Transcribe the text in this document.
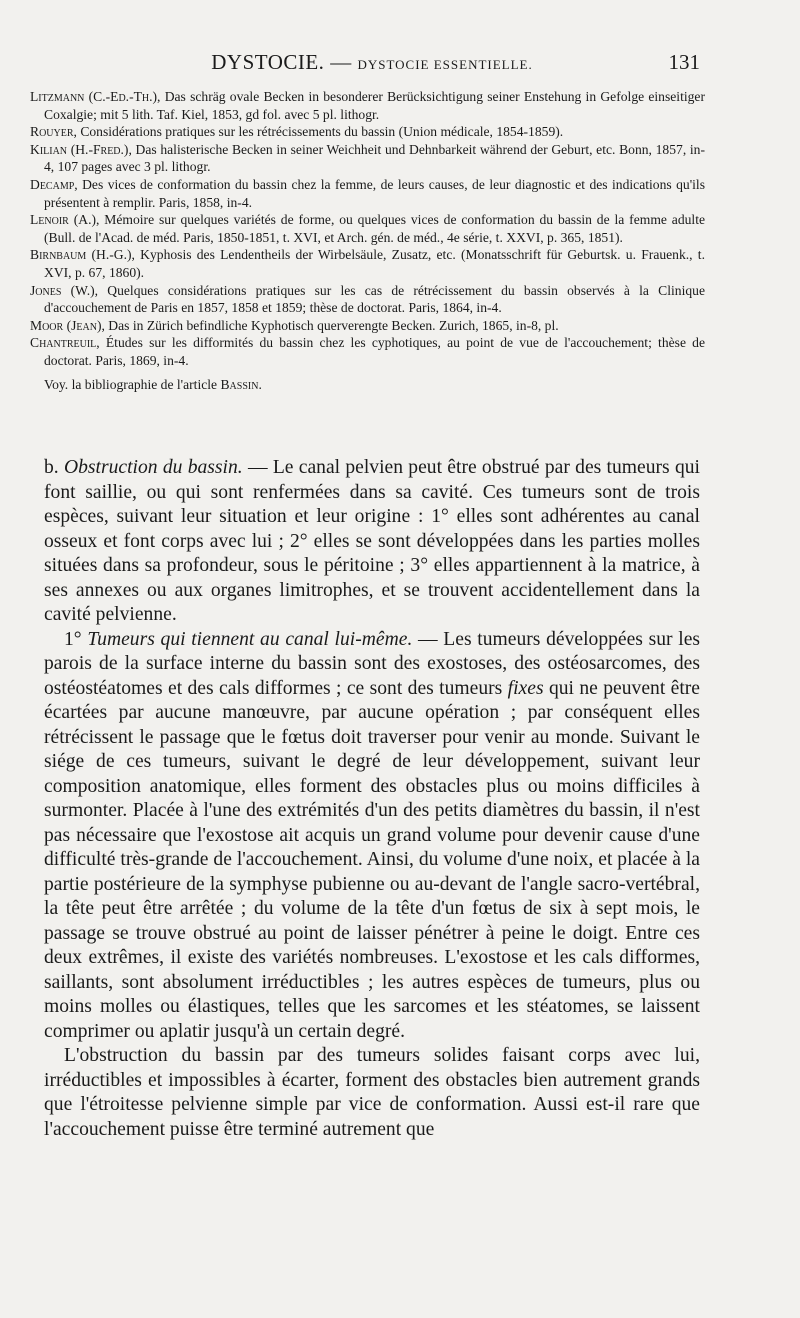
DYSTOCIE. — DYSTOCIE ESSENTIELLE.	131

Litzmann (C.-Ed.-Th.), Das schräg ovale Becken in besonderer Berücksichtigung seiner Enstehung in Gefolge einseitiger Coxalgie; mit 5 lith. Taf. Kiel, 1853, gd fol. avec 5 pl. lithogr.

Rouyer, Considérations pratiques sur les rétrécissements du bassin (Union médicale, 1854-1859).

Kilian (H.-Fred.), Das halisterische Becken in seiner Weichheit und Dehnbarkeit während der Geburt, etc. Bonn, 1857, in-4, 107 pages avec 3 pl. lithogr.

Decamp, Des vices de conformation du bassin chez la femme, de leurs causes, de leur diagnostic et des indications qu'ils présentent à remplir. Paris, 1858, in-4.

Lenoir (A.), Mémoire sur quelques variétés de forme, ou quelques vices de conformation du bassin de la femme adulte (Bull. de l'Acad. de méd. Paris, 1850-1851, t. XVI, et Arch. gén. de méd., 4e série, t. XXVI, p. 365, 1851).

Birnbaum (H.-G.), Kyphosis des Lendentheils der Wirbelsäule, Zusatz, etc. (Monatsschrift für Geburtsk. u. Frauenk., t. XVI, p. 67, 1860).

Jones (W.), Quelques considérations pratiques sur les cas de rétrécissement du bassin observés à la Clinique d'accouchement de Paris en 1857, 1858 et 1859; thèse de doctorat. Paris, 1864, in-4.

Moor (Jean), Das in Zürich befindliche Kyphotisch querverengte Becken. Zurich, 1865, in-8, pl.

Chantreuil, Études sur les difformités du bassin chez les cyphotiques, au point de vue de l'accouchement; thèse de doctorat. Paris, 1869, in-4.

Voy. la bibliographie de l'article Bassin.

b. Obstruction du bassin. — Le canal pelvien peut être obstrué par des tumeurs qui font saillie, ou qui sont renfermées dans sa cavité. Ces tumeurs sont de trois espèces, suivant leur situation et leur origine : 1° elles sont adhérentes au canal osseux et font corps avec lui ; 2° elles se sont développées dans les parties molles situées dans sa profondeur, sous le péritoine ; 3° elles appartiennent à la matrice, à ses annexes ou aux organes limitrophes, et se trouvent accidentellement dans la cavité pelvienne.

1° Tumeurs qui tiennent au canal lui-même. — Les tumeurs développées sur les parois de la surface interne du bassin sont des exostoses, des ostéosarcomes, des ostéostéatomes et des cals difformes ; ce sont des tumeurs fixes qui ne peuvent être écartées par aucune manœuvre, par aucune opération ; par conséquent elles rétrécissent le passage que le fœtus doit traverser pour venir au monde. Suivant le siége de ces tumeurs, suivant le degré de leur développement, suivant leur composition anatomique, elles forment des obstacles plus ou moins difficiles à surmonter. Placée à l'une des extrémités d'un des petits diamètres du bassin, il n'est pas nécessaire que l'exostose ait acquis un grand volume pour devenir cause d'une difficulté très-grande de l'accouchement. Ainsi, du volume d'une noix, et placée à la partie postérieure de la symphyse pubienne ou au-devant de l'angle sacro-vertébral, la tête peut être arrêtée ; du volume de la tête d'un fœtus de six à sept mois, le passage se trouve obstrué au point de laisser pénétrer à peine le doigt. Entre ces deux extrêmes, il existe des variétés nombreuses. L'exostose et les cals difformes, saillants, sont absolument irréductibles ; les autres espèces de tumeurs, plus ou moins molles ou élastiques, telles que les sarcomes et les stéatomes, se laissent comprimer ou aplatir jusqu'à un certain degré.

L'obstruction du bassin par des tumeurs solides faisant corps avec lui, irréductibles et impossibles à écarter, forment des obstacles bien autrement grands que l'étroitesse pelvienne simple par vice de conformation. Aussi est-il rare que l'accouchement puisse être terminé autrement que
